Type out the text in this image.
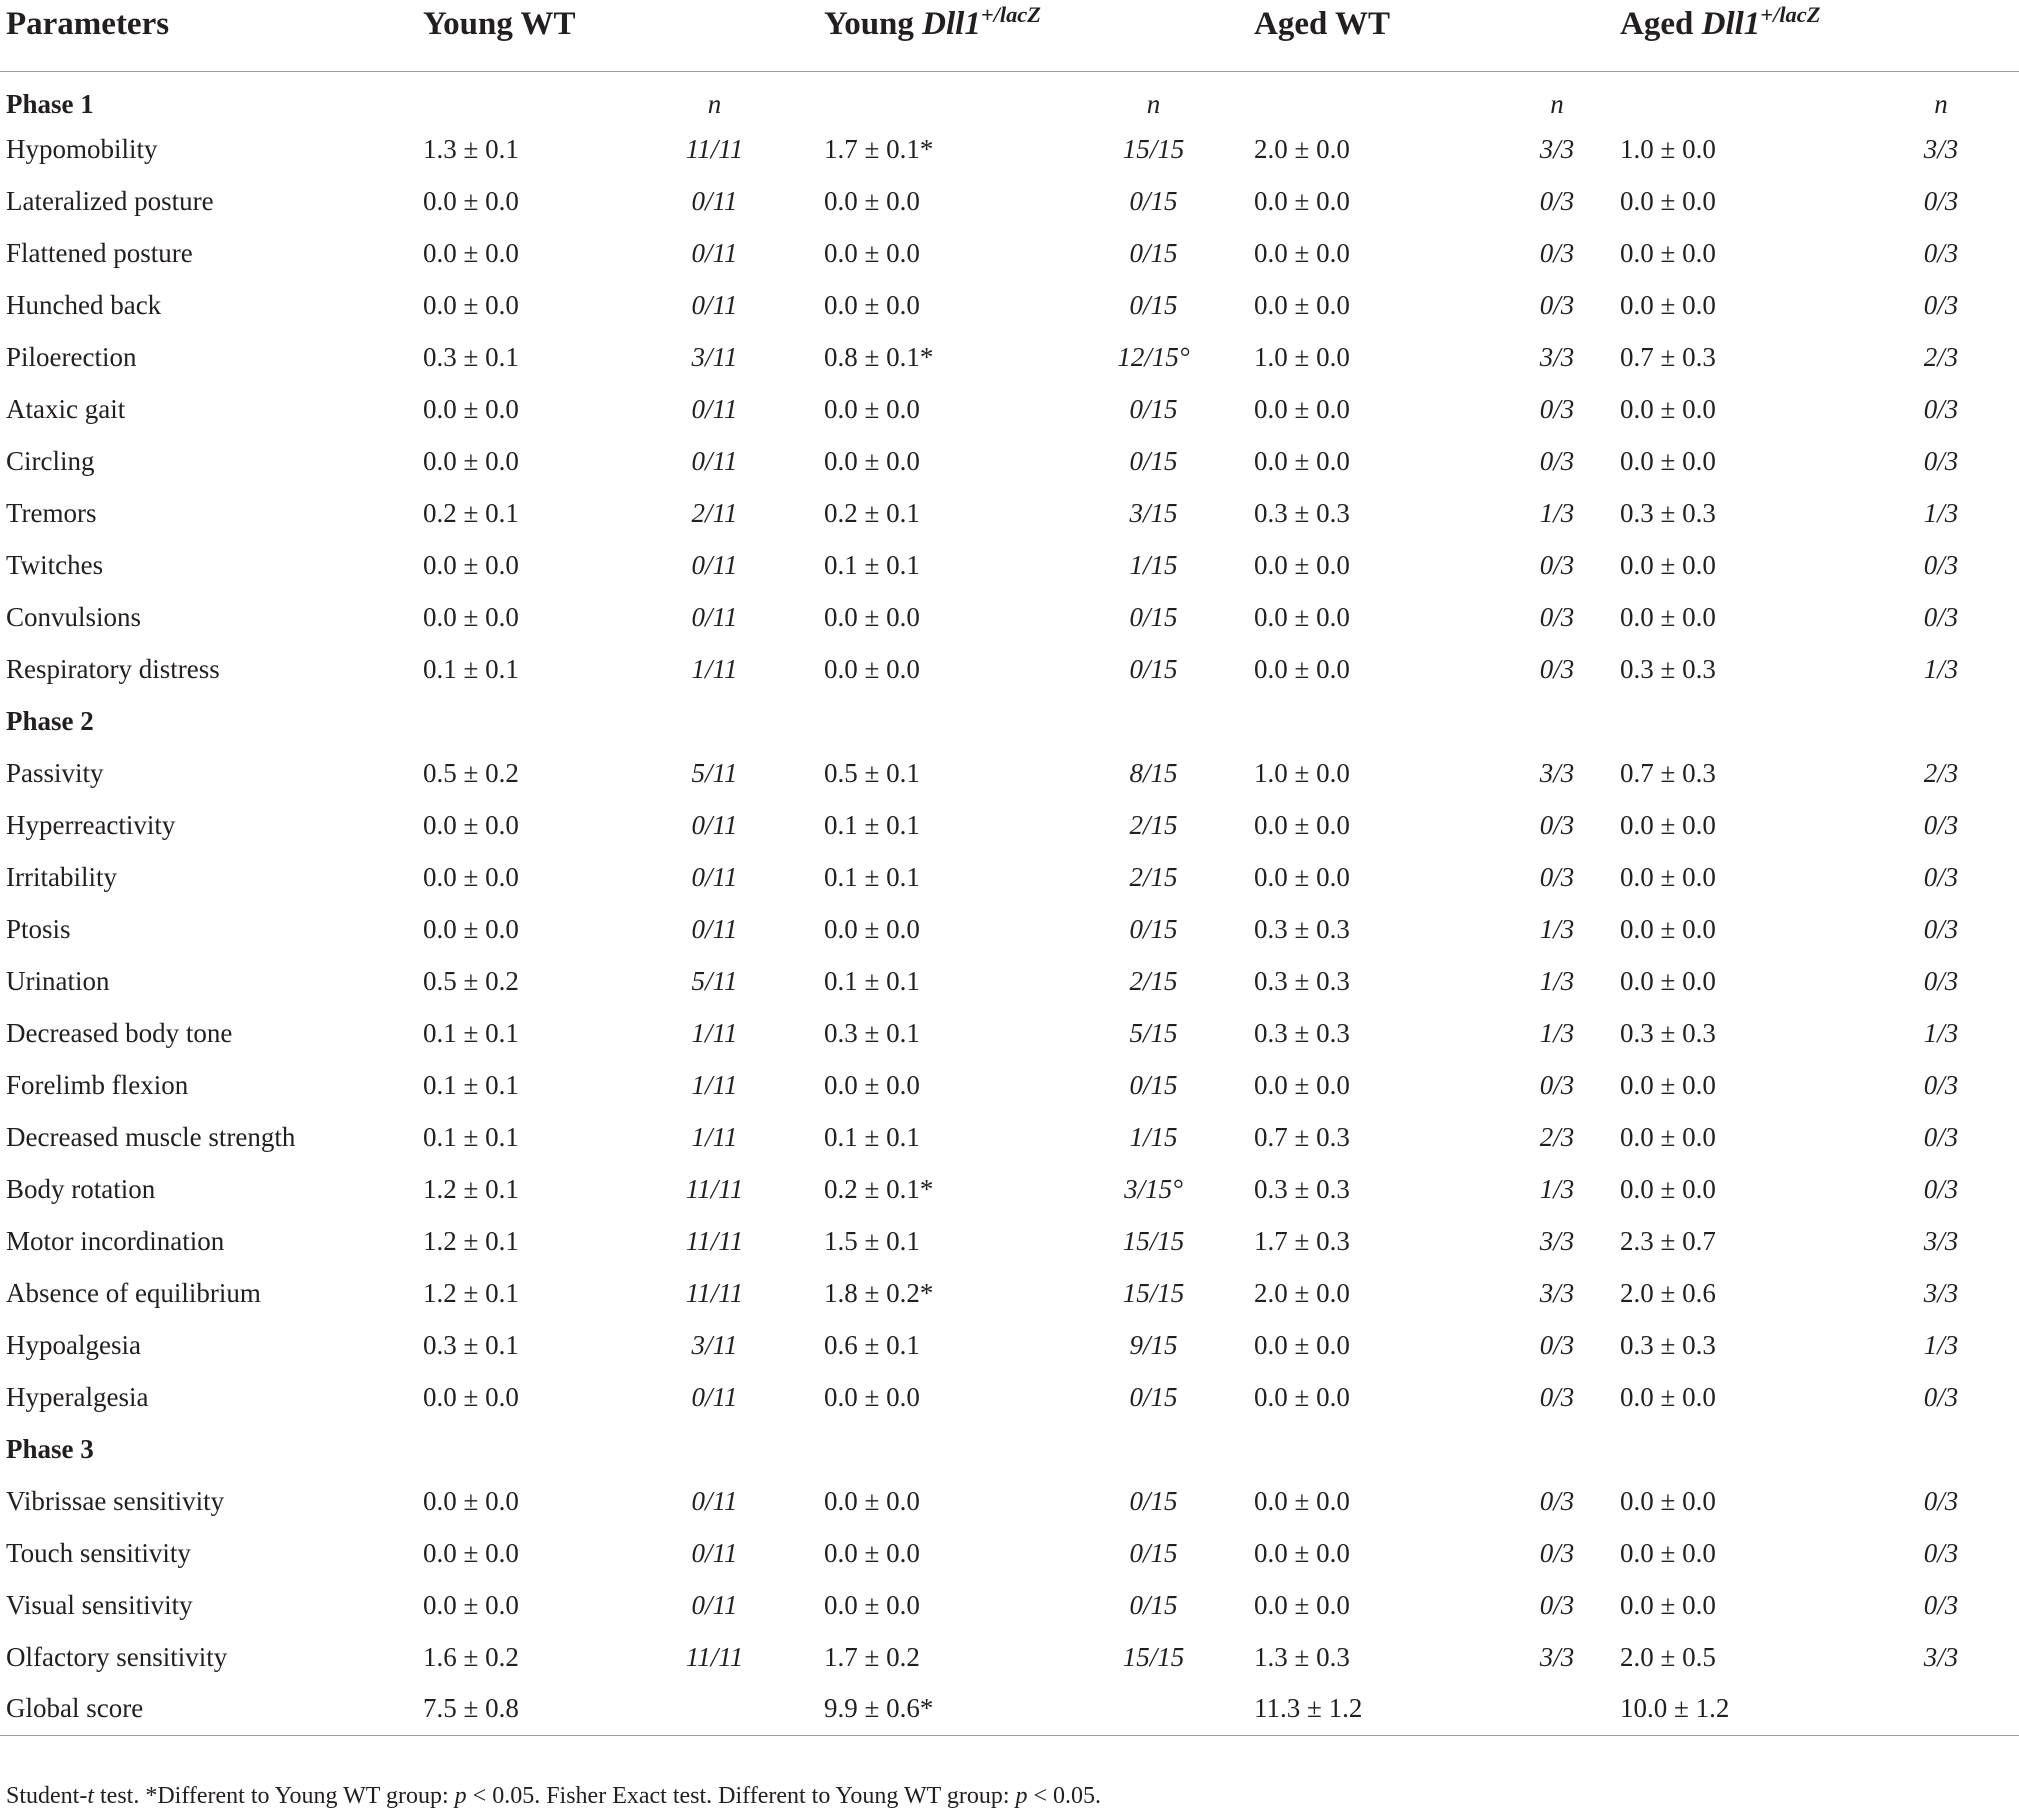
Parameters	Young WT		Young $Dll1^{+/lacZ}$		Aged WT		Aged $Dll1^{+/lacZ}$
Phase 1		n		n		n		n
Hypomobility	1.3 ± 0.1	11/11	1.7 ± 0.1*	15/15	2.0 ± 0.0	3/3	1.0 ± 0.0	3/3
Lateralized posture	0.0 ± 0.0	0/11	0.0 ± 0.0	0/15	0.0 ± 0.0	0/3	0.0 ± 0.0	0/3
Flattened posture	0.0 ± 0.0	0/11	0.0 ± 0.0	0/15	0.0 ± 0.0	0/3	0.0 ± 0.0	0/3
Hunched back	0.0 ± 0.0	0/11	0.0 ± 0.0	0/15	0.0 ± 0.0	0/3	0.0 ± 0.0	0/3
Piloerection	0.3 ± 0.1	3/11	0.8 ± 0.1*	12/15°	1.0 ± 0.0	3/3	0.7 ± 0.3	2/3
Ataxic gait	0.0 ± 0.0	0/11	0.0 ± 0.0	0/15	0.0 ± 0.0	0/3	0.0 ± 0.0	0/3
Circling	0.0 ± 0.0	0/11	0.0 ± 0.0	0/15	0.0 ± 0.0	0/3	0.0 ± 0.0	0/3
Tremors	0.2 ± 0.1	2/11	0.2 ± 0.1	3/15	0.3 ± 0.3	1/3	0.3 ± 0.3	1/3
Twitches	0.0 ± 0.0	0/11	0.1 ± 0.1	1/15	0.0 ± 0.0	0/3	0.0 ± 0.0	0/3
Convulsions	0.0 ± 0.0	0/11	0.0 ± 0.0	0/15	0.0 ± 0.0	0/3	0.0 ± 0.0	0/3
Respiratory distress	0.1 ± 0.1	1/11	0.0 ± 0.0	0/15	0.0 ± 0.0	0/3	0.3 ± 0.3	1/3
Phase 2								
Passivity	0.5 ± 0.2	5/11	0.5 ± 0.1	8/15	1.0 ± 0.0	3/3	0.7 ± 0.3	2/3
Hyperreactivity	0.0 ± 0.0	0/11	0.1 ± 0.1	2/15	0.0 ± 0.0	0/3	0.0 ± 0.0	0/3
Irritability	0.0 ± 0.0	0/11	0.1 ± 0.1	2/15	0.0 ± 0.0	0/3	0.0 ± 0.0	0/3
Ptosis	0.0 ± 0.0	0/11	0.0 ± 0.0	0/15	0.3 ± 0.3	1/3	0.0 ± 0.0	0/3
Urination	0.5 ± 0.2	5/11	0.1 ± 0.1	2/15	0.3 ± 0.3	1/3	0.0 ± 0.0	0/3
Decreased body tone	0.1 ± 0.1	1/11	0.3 ± 0.1	5/15	0.3 ± 0.3	1/3	0.3 ± 0.3	1/3
Forelimb flexion	0.1 ± 0.1	1/11	0.0 ± 0.0	0/15	0.0 ± 0.0	0/3	0.0 ± 0.0	0/3
Decreased muscle strength	0.1 ± 0.1	1/11	0.1 ± 0.1	1/15	0.7 ± 0.3	2/3	0.0 ± 0.0	0/3
Body rotation	1.2 ± 0.1	11/11	0.2 ± 0.1*	3/15°	0.3 ± 0.3	1/3	0.0 ± 0.0	0/3
Motor incordination	1.2 ± 0.1	11/11	1.5 ± 0.1	15/15	1.7 ± 0.3	3/3	2.3 ± 0.7	3/3
Absence of equilibrium	1.2 ± 0.1	11/11	1.8 ± 0.2*	15/15	2.0 ± 0.0	3/3	2.0 ± 0.6	3/3
Hypoalgesia	0.3 ± 0.1	3/11	0.6 ± 0.1	9/15	0.0 ± 0.0	0/3	0.3 ± 0.3	1/3
Hyperalgesia	0.0 ± 0.0	0/11	0.0 ± 0.0	0/15	0.0 ± 0.0	0/3	0.0 ± 0.0	0/3
Phase 3								
Vibrissae sensitivity	0.0 ± 0.0	0/11	0.0 ± 0.0	0/15	0.0 ± 0.0	0/3	0.0 ± 0.0	0/3
Touch sensitivity	0.0 ± 0.0	0/11	0.0 ± 0.0	0/15	0.0 ± 0.0	0/3	0.0 ± 0.0	0/3
Visual sensitivity	0.0 ± 0.0	0/11	0.0 ± 0.0	0/15	0.0 ± 0.0	0/3	0.0 ± 0.0	0/3
Olfactory sensitivity	1.6 ± 0.2	11/11	1.7 ± 0.2	15/15	1.3 ± 0.3	3/3	2.0 ± 0.5	3/3
Global score	7.5 ± 0.8		9.9 ± 0.6*		11.3 ± 1.2		10.0 ± 1.2	
Student-t test. *Different to Young WT group: p < 0.05. Fisher Exact test. Different to Young WT group: p < 0.05.
